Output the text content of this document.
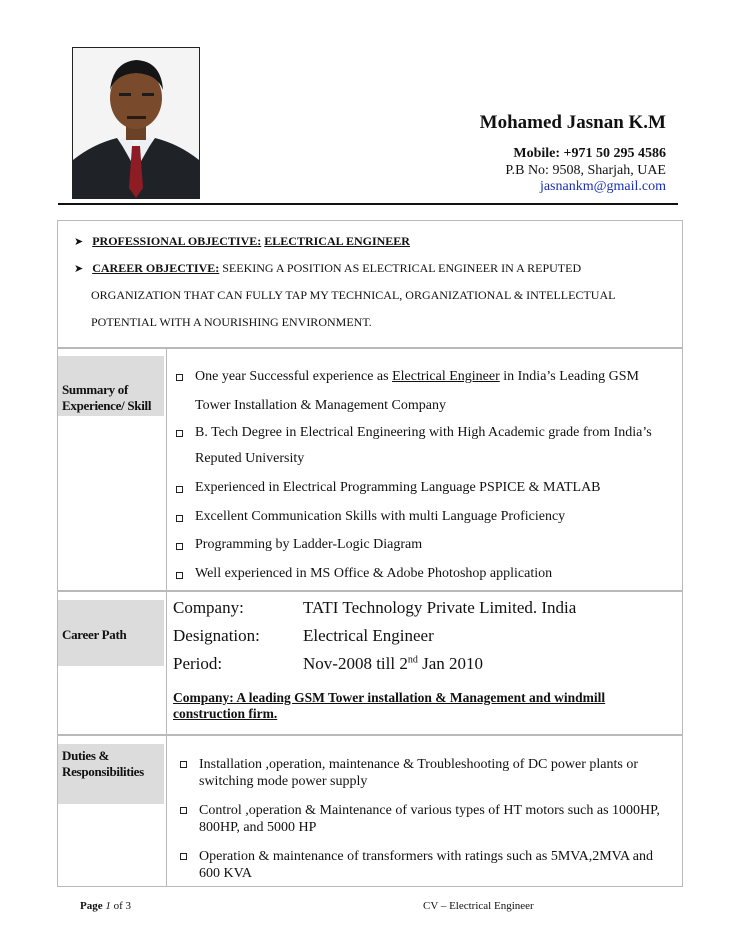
Mohamed Jasnan K.M
Mobile: +971 50 295 4586
P.B No: 9508, Sharjah, UAE
jasnankm@gmail.com
➤ PROFESSIONAL OBJECTIVE: ELECTRICAL ENGINEER
➤ CAREER OBJECTIVE: SEEKING A POSITION AS ELECTRICAL ENGINEER IN A REPUTED
ORGANIZATION THAT CAN FULLY TAP MY TECHNICAL, ORGANIZATIONAL & INTELLECTUAL
POTENTIAL WITH A NOURISHING ENVIRONMENT.
Summary of
Experience/ Skill
One year Successful experience as Electrical Engineer in India’s Leading GSM
Tower Installation & Management Company
B. Tech Degree in Electrical Engineering with High Academic grade from India’s
Reputed University
Experienced in Electrical Programming Language PSPICE & MATLAB
Excellent Communication Skills with multi Language Proficiency
Programming by Ladder-Logic Diagram
Well experienced in MS Office & Adobe Photoshop application
Career Path
Company:	TATI Technology Private Limited. India
Designation:	Electrical Engineer
Period:	Nov-2008 till 2nd Jan 2010
Company: A leading GSM Tower installation & Management and windmill
construction firm.
Duties &
Responsibilities	Installation ,operation, maintenance & Troubleshooting of DC power plants or
switching mode power supply
Control ,operation & Maintenance of various types of HT motors such as 1000HP,
800HP, and 5000 HP
Operation & maintenance of transformers with ratings such as 5MVA,2MVA and
600 KVA
Page 1 of 3	CV – Electrical Engineer
